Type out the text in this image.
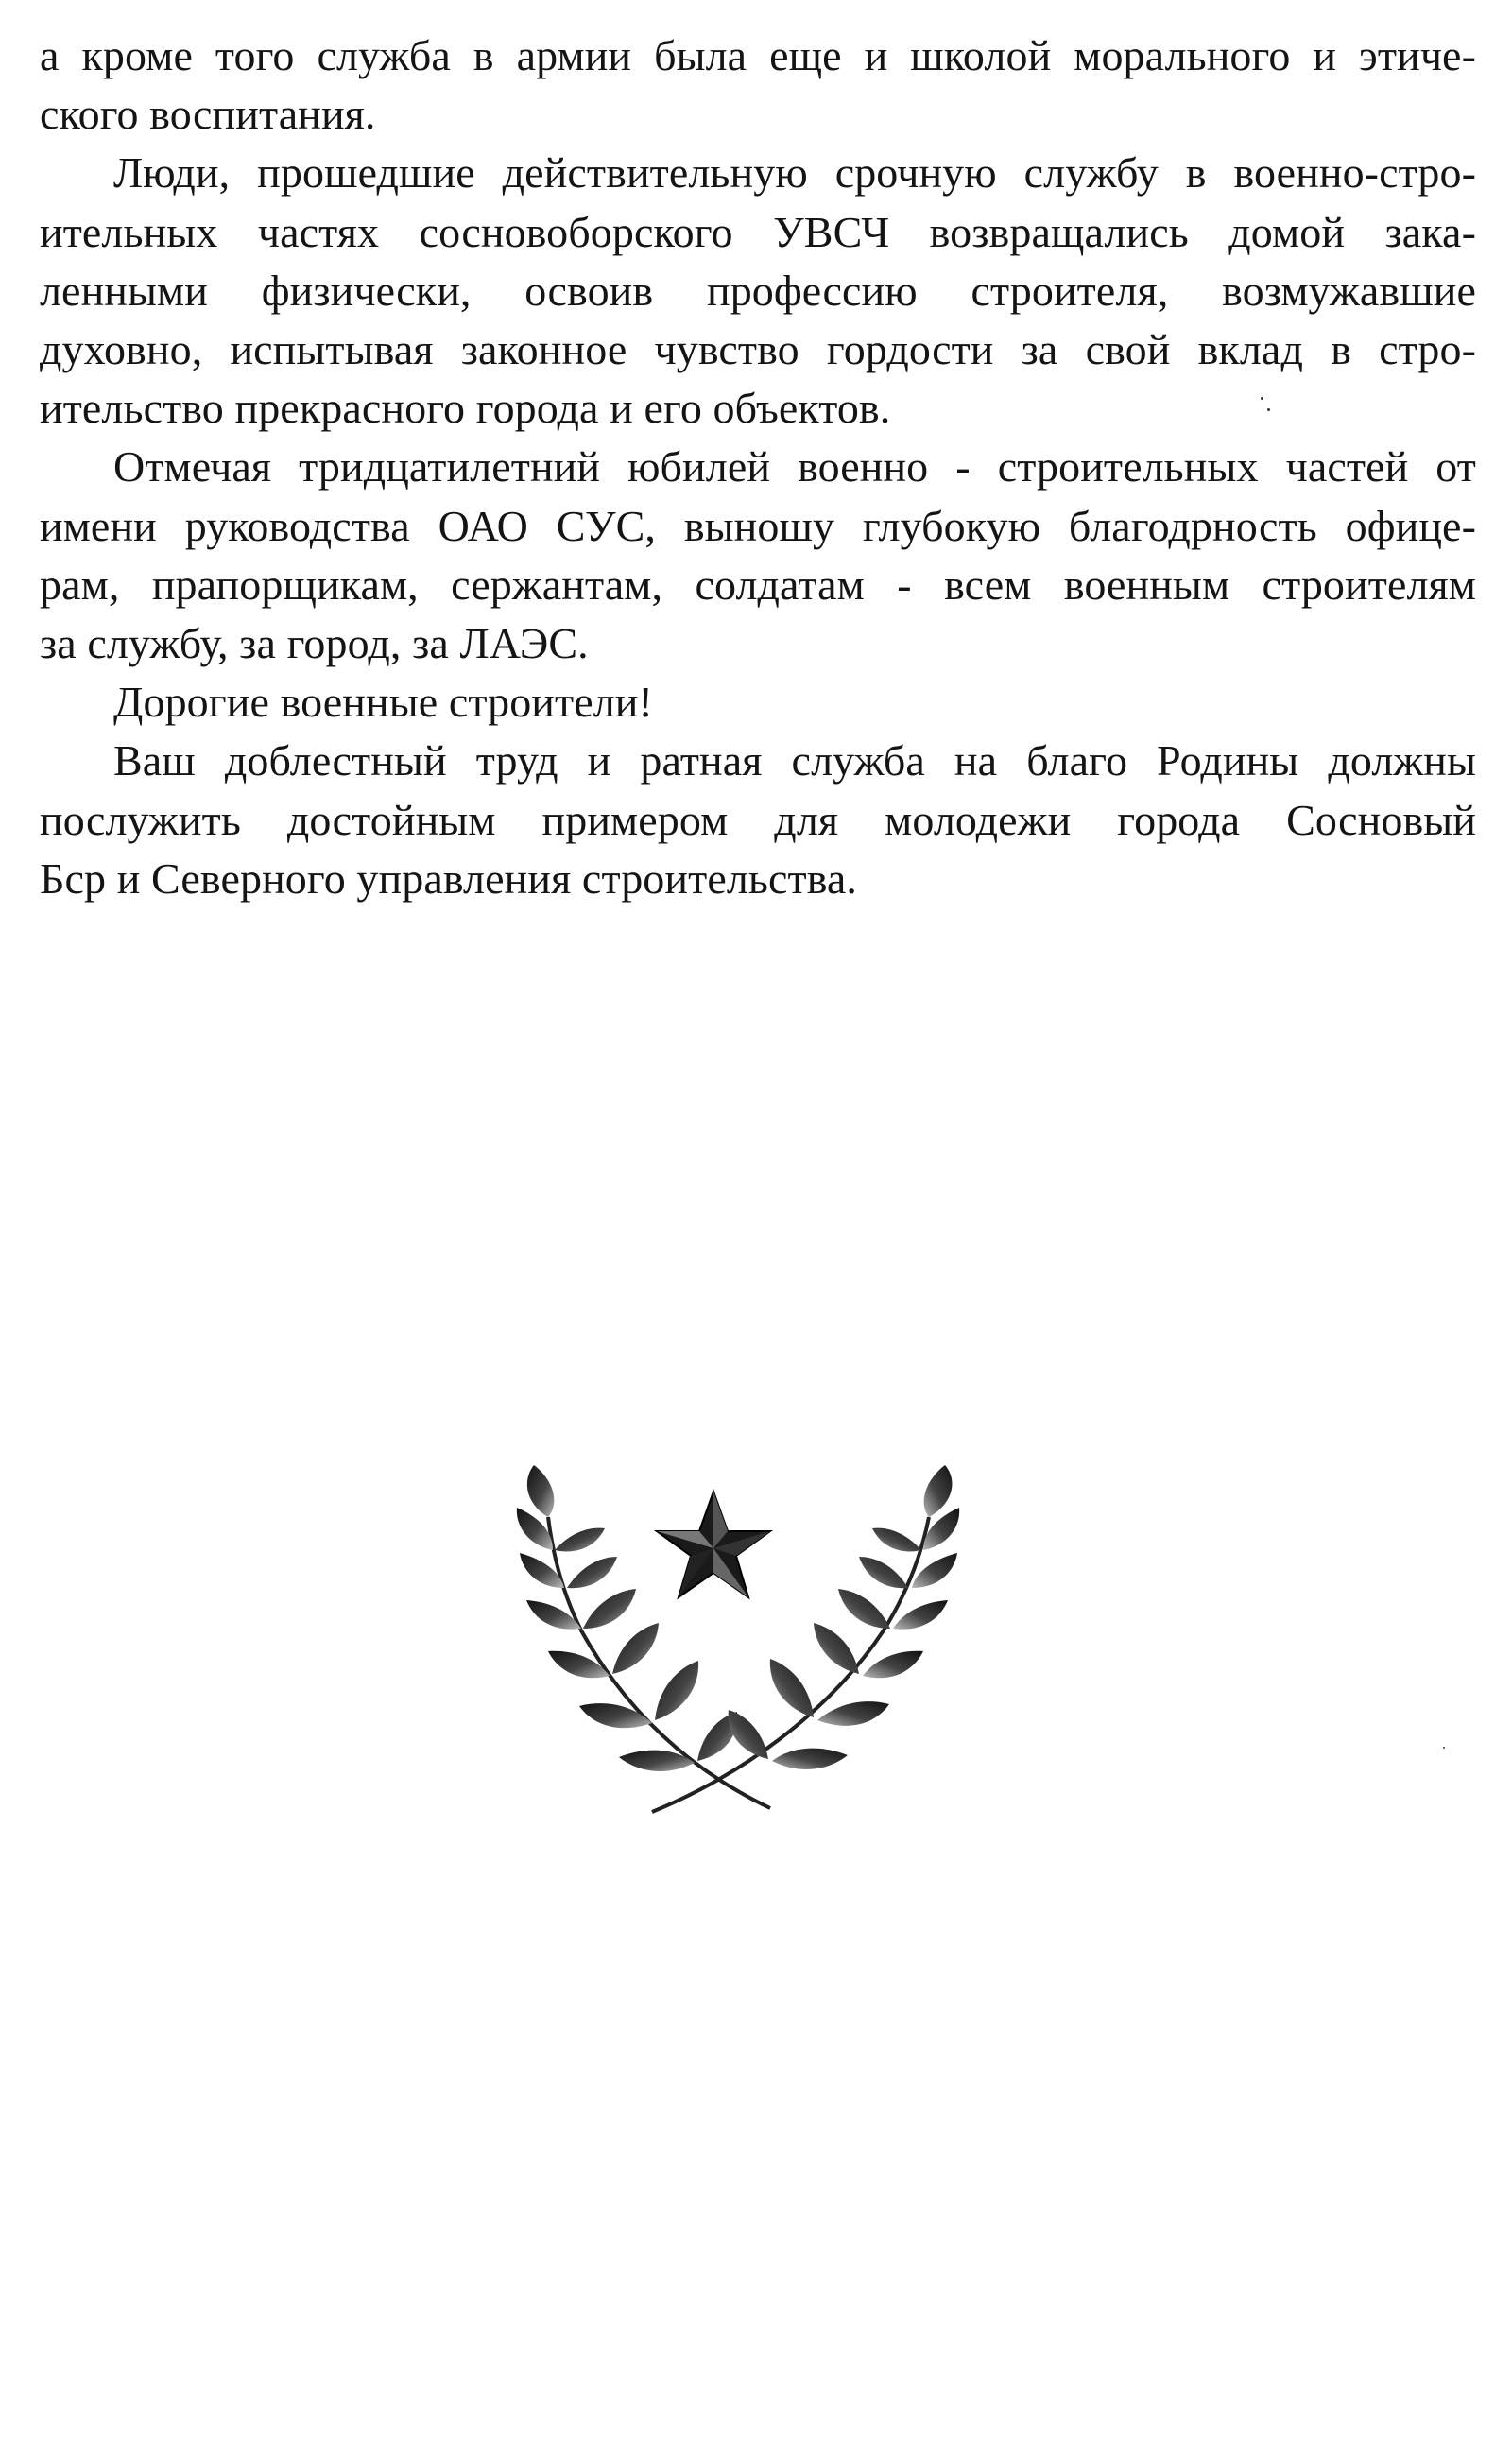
а кроме того служба в армии была еще и школой морального и этиче-
ского воспитания.

Люди, прошедшие действительную срочную службу в военно-стро-
ительных частях сосновоборского УВСЧ возвращались домой зака-
ленными физически, освоив профессию строителя, возмужавшие
духовно, испытывая законное чувство гордости за свой вклад в стро-
ительство прекрасного города и его объектов.

Отмечая тридцатилетний юбилей военно - строительных частей от
имени руководства ОАО СУС, выношу глубокую благодрность офице-
рам, прапорщикам, сержантам, солдатам - всем военным строителям
за службу, за город, за ЛАЭС.

Дорогие военные строители!

Ваш доблестный труд и ратная служба на благо Родины должны
послужить достойным примером для молодежи города Сосновый
Бср и Северного управления строительства.
